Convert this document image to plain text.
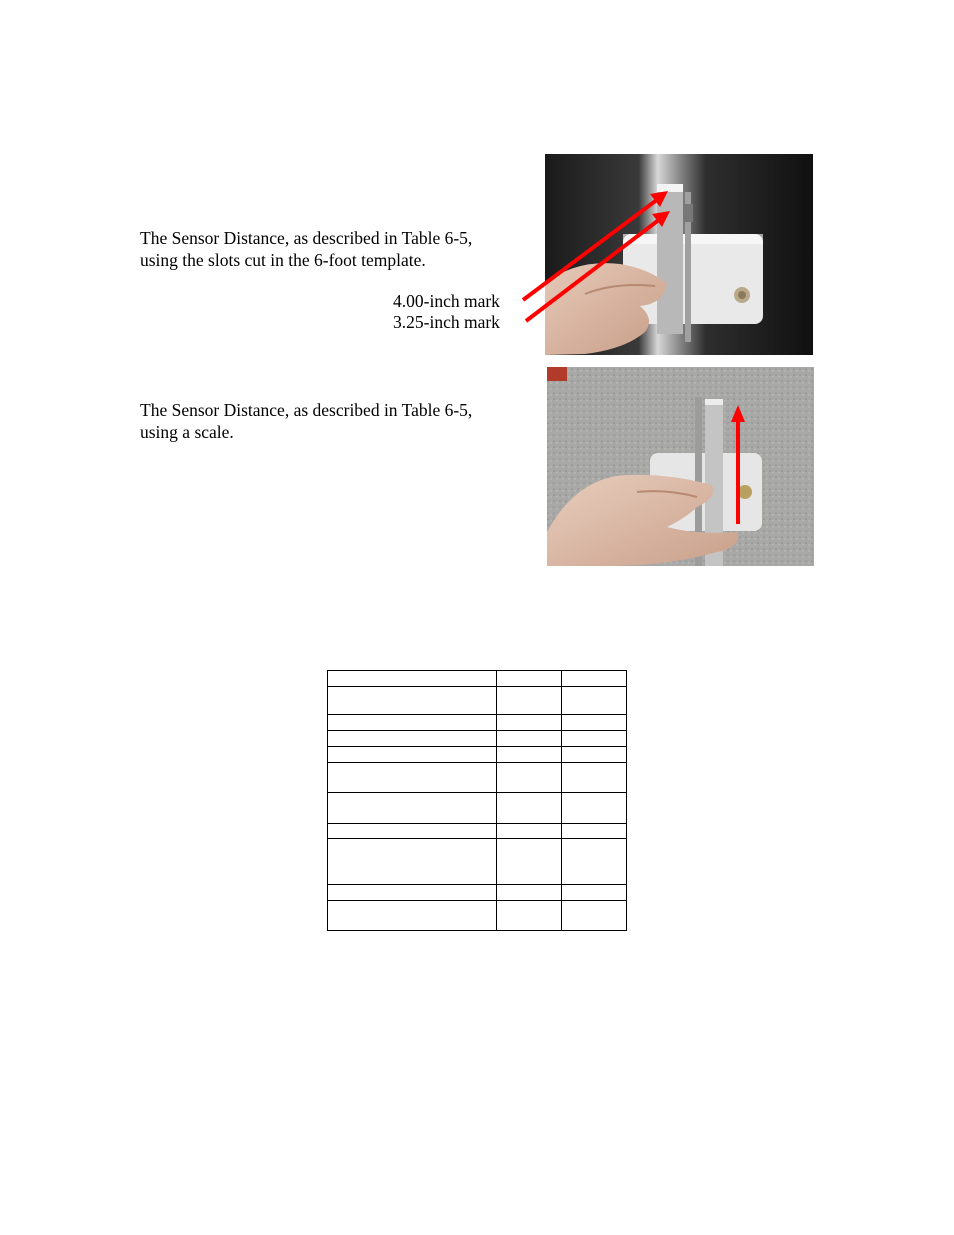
The Sensor Distance, as described in Table 6-5,
using the slots cut in the 6-foot template.
4.00-inch mark
3.25-inch mark
The Sensor Distance, as described in Table 6-5,
using a scale.
